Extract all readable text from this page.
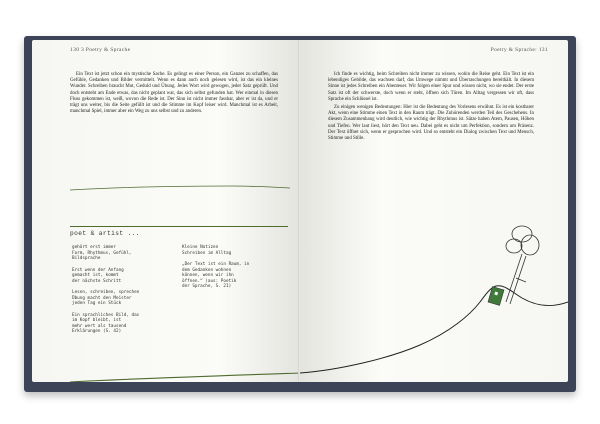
130 3 Poetry & Sprache

Ein Text ist jetzt schon ein mystische Sache. Es gelingt es einer Person, ein Ganzes zu schaffen, das Gefühle, Gedanken und Bilder vermittelt. Wenn es dann auch noch gelesen wird, ist das ein kleines Wunder. Schreiben braucht Mut, Geduld und Übung. Jedes Wort wird gewogen, jeder Satz geprüft. Und doch entsteht am Ende etwas, das nicht geplant war, das sich selbst gefunden hat. Wer einmal in diesen Fluss gekommen ist, weiß, wovon die Rede ist. Der Sinn ist nicht immer fassbar, aber er ist da, und er trägt uns weiter, bis die Seite gefüllt ist und die Stimme im Kopf leiser wird. Manchmal ist es Arbeit, manchmal Spiel, immer aber ein Weg zu uns selbst und zu anderen.

poet & artist ...
gehört erst immer
Form, Rhythmus, Gefühl,
Bildsprache
Erst wenn der Anfang
gemacht ist, kommt
der nächste Schritt
Lesen, schreiben, sprechen
Übung macht den Meister
jeden Tag ein Stück
Ein sprachliches Bild, das
im Kopf bleibt, ist
mehr wert als tausend
Erklärungen (S. 42)
Kleine Notizen
Schreiben im Alltag
„Der Text ist ein Raum, in
dem Gedanken wohnen
können, wenn wir ihn
öffnen.“ (aus: Poetik
der Sprache, S. 21)
Poetry & Sprache: 131

Ich finde es wichtig, beim Schreiben nicht immer zu wissen, wohin die Reise geht. Ein Text ist ein lebendiges Gebilde, das wachsen darf, das Umwege nimmt und Überraschungen bereithält. In diesem Sinne ist jedes Schreiben ein Abenteuer. Wir folgen einer Spur und wissen nicht, wo sie endet. Der erste Satz ist oft der schwerste, doch wenn er steht, öffnen sich Türen. Im Alltag vergessen wir oft, dass Sprache ein Schlüssel ist.

Zu einigen wenigen Bedeutungen: Hier ist die Bedeutung des Vorlesens erwähnt. Es ist ein kostbarer Akt, wenn eine Stimme einen Text in den Raum trägt. Die Zuhörenden werden Teil des Geschehens. In diesem Zusammenhang wird deutlich, wie wichtig der Rhythmus ist. Sätze haben Atem, Pausen, Höhen und Tiefen. Wer laut liest, hört den Text neu. Dabei geht es nicht um Perfektion, sondern um Präsenz. Der Text öffnet sich, wenn er gesprochen wird. Und so entsteht ein Dialog zwischen Text und Mensch, Stimme und Stille.
